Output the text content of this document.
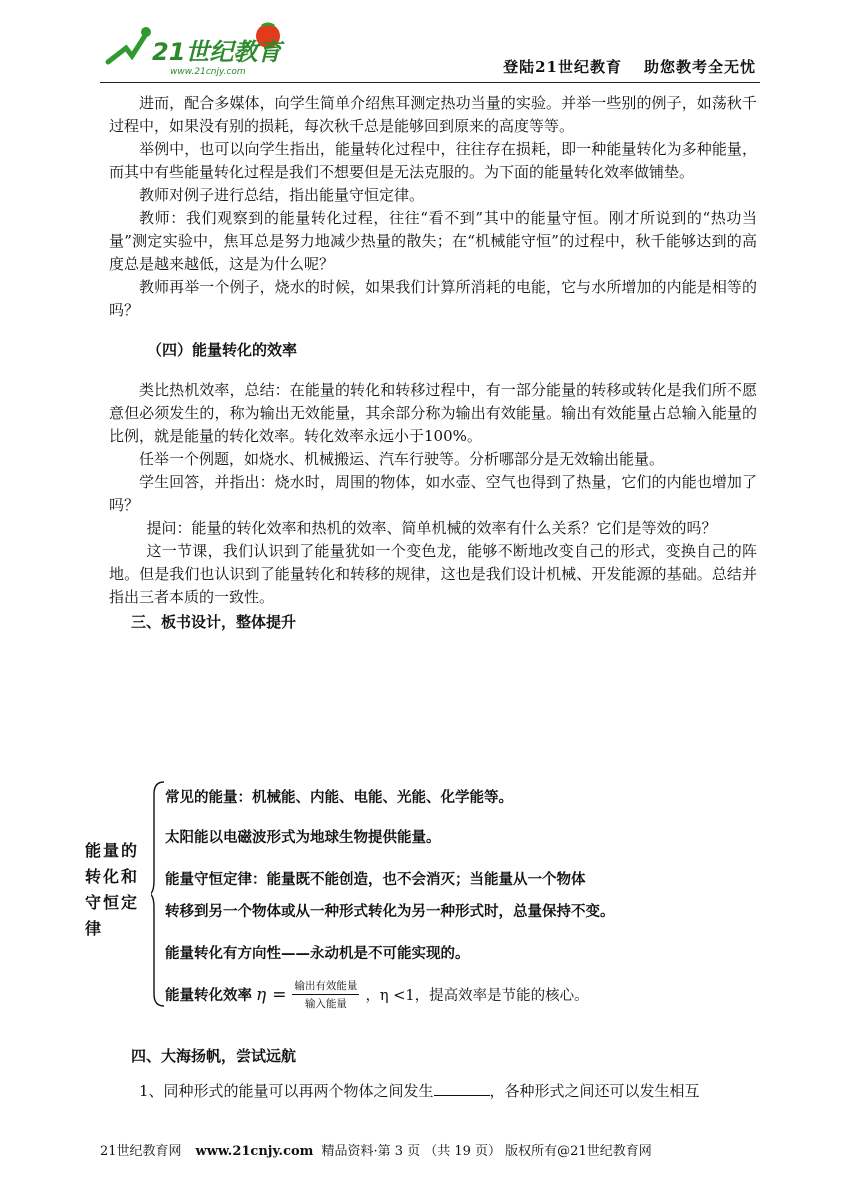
21世纪教育
www.21cnjy.com	登陆21世纪教育 助您教考全无忧

进而，配合多媒体，向学生简单介绍焦耳测定热功当量的实验。并举一些别的例子，如荡秋千过程中，如果没有别的损耗，每次秋千总是能够回到原来的高度等等。

举例中，也可以向学生指出，能量转化过程中，往往存在损耗，即一种能量转化为多种能量，而其中有些能量转化过程是我们不想要但是无法克服的。为下面的能量转化效率做铺垫。

教师对例子进行总结，指出能量守恒定律。

教师：我们观察到的能量转化过程，往往“看不到”其中的能量守恒。刚才所说到的“热功当量”测定实验中，焦耳总是努力地减少热量的散失；在“机械能守恒”的过程中，秋千能够达到的高度总是越来越低，这是为什么呢？

教师再举一个例子，烧水的时候，如果我们计算所消耗的电能，它与水所增加的内能是相等的吗？

（四）能量转化的效率

类比热机效率，总结：在能量的转化和转移过程中，有一部分能量的转移或转化是我们所不愿意但必须发生的，称为输出无效能量，其余部分称为输出有效能量。输出有效能量占总输入能量的比例，就是能量的转化效率。转化效率永远小于100%。

任举一个例题，如烧水、机械搬运、汽车行驶等。分析哪部分是无效输出能量。

学生回答，并指出：烧水时，周围的物体，如水壶、空气也得到了热量，它们的内能也增加了吗？

提问：能量的转化效率和热机的效率、简单机械的效率有什么关系？它们是等效的吗？

这一节课，我们认识到了能量犹如一个变色龙，能够不断地改变自己的形式，变换自己的阵地。但是我们也认识到了能量转化和转移的规律，这也是我们设计机械、开发能源的基础。总结并指出三者本质的一致性。

三、板书设计，整体提升
能量的转化和守恒定律
常见的能量：机械能、内能、电能、光能、化学能等。
太阳能以电磁波形式为地球生物提供能量。
能量守恒定律：能量既不能创造，也不会消灭；当能量从一个物体
转移到另一个物体或从一种形式转化为另一种形式时，总量保持不变。
能量转化有方向性——永动机是不可能实现的。
能量转化效率 $\eta = \frac{\text{输出有效能量}}{\text{输入能量}}$ ，η <1，提高效率是节能的核心。
四、大海扬帆，尝试远航
1、同种形式的能量可以再两个物体之间发生	，各种形式之间还可以发生相互
21世纪教育网 www.21cnjy.com 精品资料·第 3 页 （共 19 页） 版权所有@21世纪教育网
